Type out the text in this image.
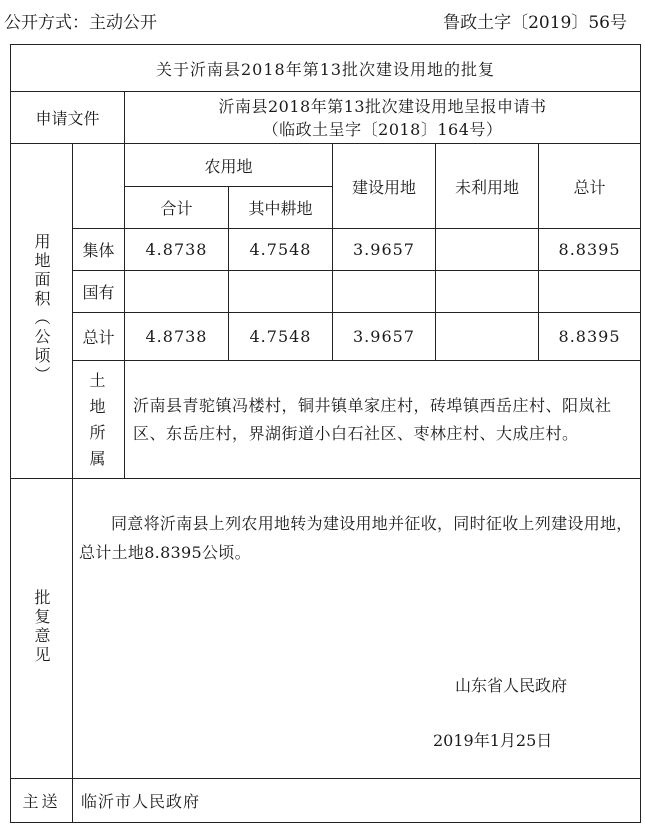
公开方式：主动公开	鲁政土字〔2019〕56号
关于沂南县2018年第13批次建设用地的批复						
申请文件		沂南县2018年第13批次建设用地呈报申请书
（临政土呈字〔2018〕164号）				

用地面积（公顷）		农用地		建设用地	未利用地	总计
		合计	其中耕地			
	集体	4.8738	4.7548	3.9657		8.8395
	国有					
	总计	4.8738	4.7548	3.9657		8.8395

	土地所属	沂南县青驼镇冯楼村，铜井镇单家庄村，砖埠镇西岳庄村、阳岚社区、东岳庄村，界湖街道小白石社区、枣林庄村、大成庄村。				
批复意见	同意将沂南县上列农用地转为建设用地并征收，同时征收上列建设用地，总计土地8.8395公顷。
山东省人民政府
2019年1月25日					

主送	临沂市人民政府					
